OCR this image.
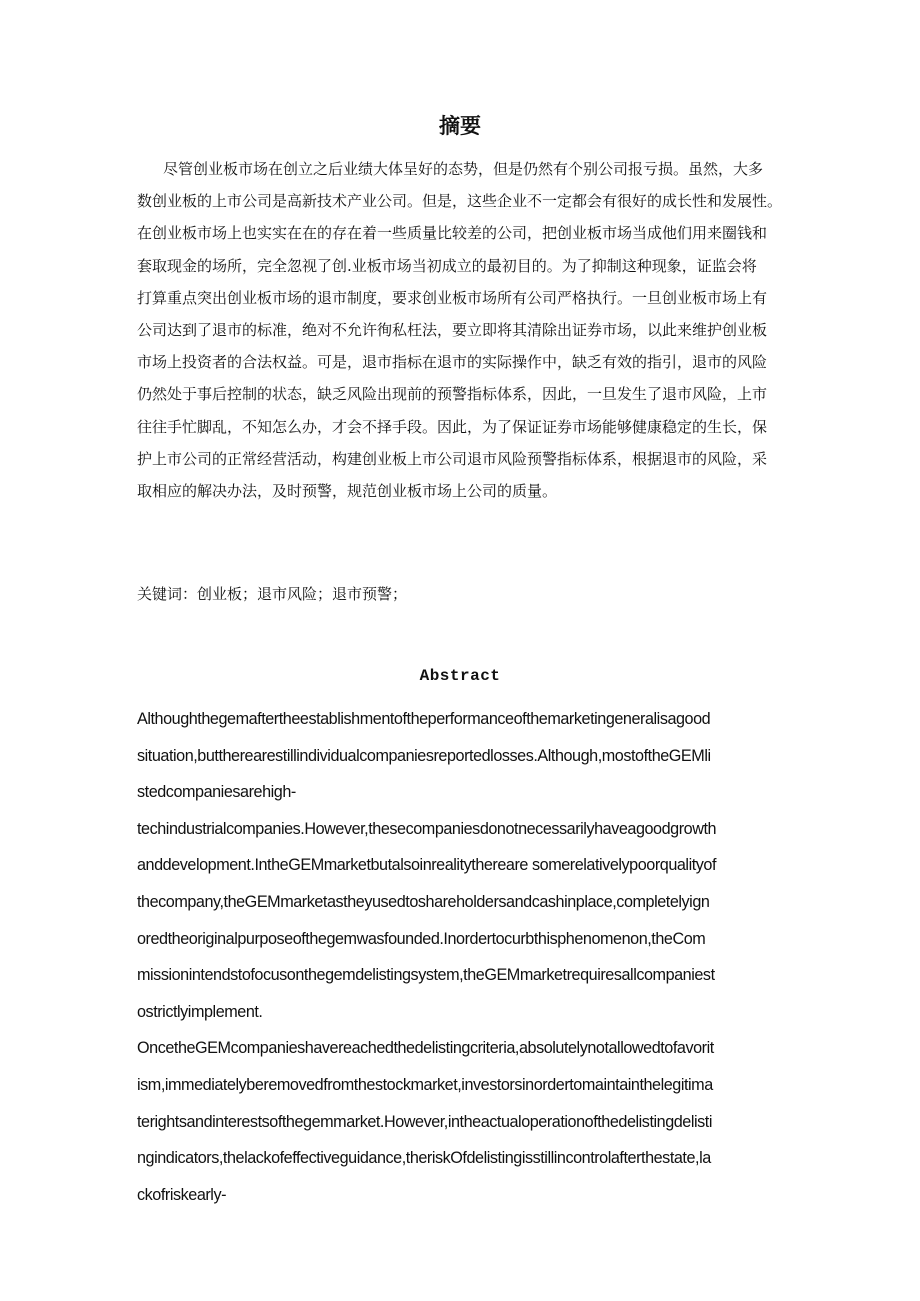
摘要
尽管创业板市场在创立之后业绩大体呈好的态势，但是仍然有个别公司报亏损。虽然，大多
数创业板的上市公司是高新技术产业公司。但是，这些企业不一定都会有很好的成长性和发展性。
在创业板市场上也实实在在的存在着一些质量比较差的公司，把创业板市场当成他们用来圈钱和
套取现金的场所，完全忽视了创.业板市场当初成立的最初目的。为了抑制这种现象，证监会将
打算重点突出创业板市场的退市制度，要求创业板市场所有公司严格执行。一旦创业板市场上有
公司达到了退市的标准，绝对不允许徇私枉法，要立即将其清除出证券市场，以此来维护创业板
市场上投资者的合法权益。可是，退市指标在退市的实际操作中，缺乏有效的指引，退市的风险
仍然处于事后控制的状态，缺乏风险出现前的预警指标体系，因此，一旦发生了退市风险，上市
往往手忙脚乱，不知怎么办，才会不择手段。因此，为了保证证券市场能够健康稳定的生长，保
护上市公司的正常经营活动，构建创业板上市公司退市风险预警指标体系，根据退市的风险，采
取相应的解决办法，及时预警，规范创业板市场上公司的质量。

关键词：创业板；退市风险；退市预警；

Abstract
Althoughthegemaftertheestablishmentoftheperformanceofthemarketingeneralisagood
situation,buttherearestillindividualcompaniesreportedlosses.Although,mostoftheGEMli
stedcompaniesarehigh-
techindustrialcompanies.However,thesecompaniesdonotnecessarilyhaveagoodgrowth
anddevelopment.IntheGEMmarketbutalsoinrealitythereare somerelativelypoorqualityof
thecompany,theGEMmarketastheyusedtoshareholdersandcashinplace,completelyign
oredtheoriginalpurposeofthegemwasfounded.Inordertocurbthisphenomenon,theCom
missionintendstofocusonthegemdelistingsystem,theGEMmarketrequiresallcompaniest
ostrictlyimplement.
OncetheGEMcompanieshavereachedthedelistingcriteria,absolutelynotallowedtofavorit
ism,immediatelyberemovedfromthestockmarket,investorsinordertomaintainthelegitima
terightsandinterestsofthegemmarket.However,intheactualoperationofthedelistingdelisti
ngindicators,thelackofeffectiveguidance,theriskOfdelistingisstillincontrolafterthestate,la
ckofriskearly-
